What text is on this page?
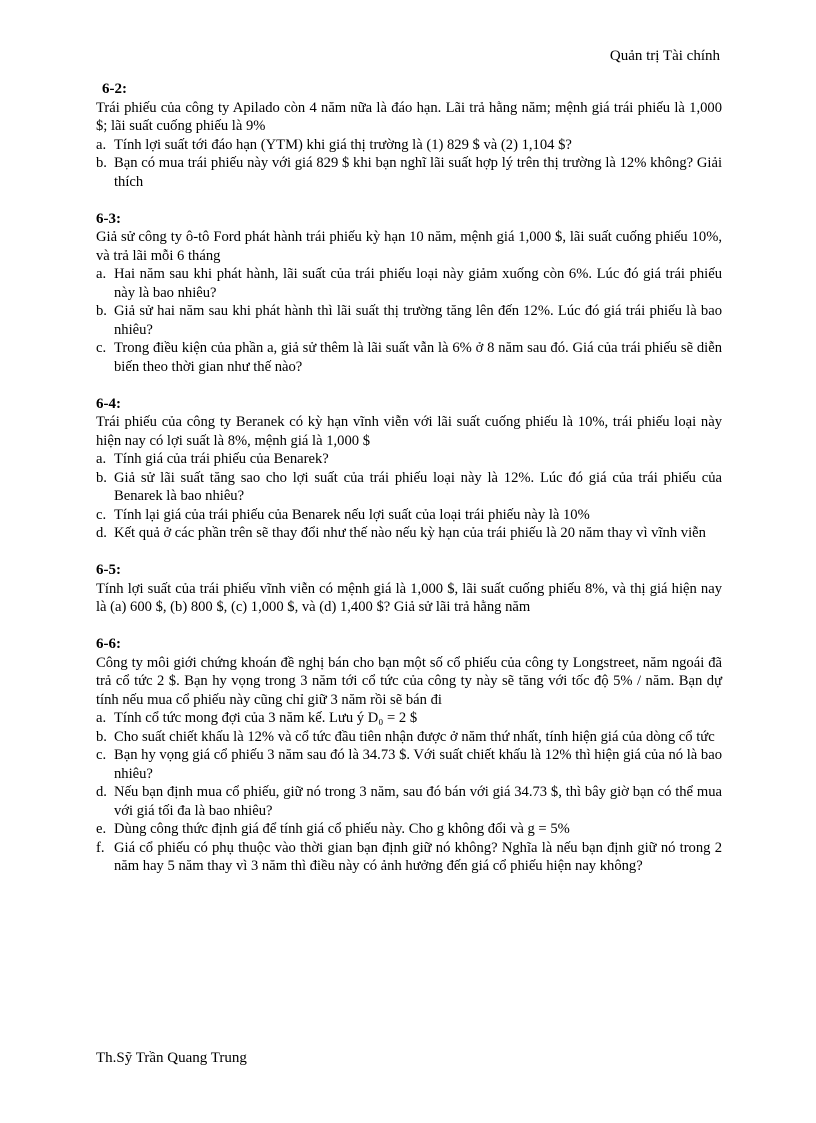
Quản trị Tài chính
6-2:
Trái phiếu của công ty Apilado còn 4 năm nữa là đáo hạn. Lãi trả hằng năm; mệnh giá trái phiếu là 1,000 $; lãi suất cuống phiếu là 9%
a. Tính lợi suất tới đáo hạn (YTM) khi giá thị trường là (1) 829 $ và (2) 1,104 $?
b. Bạn có mua trái phiếu này với giá 829 $ khi bạn nghĩ lãi suất hợp lý trên thị trường là 12% không? Giải thích
6-3:
Giả sử công ty ô-tô Ford phát hành trái phiếu kỳ hạn 10 năm, mệnh giá 1,000 $, lãi suất cuống phiếu 10%, và trả lãi mỗi 6 tháng
a. Hai năm sau khi phát hành, lãi suất của trái phiếu loại này giảm xuống còn 6%. Lúc đó giá trái phiếu này là bao nhiêu?
b. Giả sử hai năm sau khi phát hành thì lãi suất thị trường tăng lên đến 12%. Lúc đó giá trái phiếu là bao nhiêu?
c. Trong điều kiện của phần a, giả sử thêm là lãi suất vẫn là 6% ở 8 năm sau đó. Giá của trái phiếu sẽ diễn biến theo thời gian như thế nào?
6-4:
Trái phiếu của công ty Beranek có kỳ hạn vĩnh viễn với lãi suất cuống phiếu là 10%, trái phiếu loại này hiện nay có lợi suất là 8%, mệnh giá là 1,000 $
a. Tính giá của trái phiếu của Benarek?
b. Giả sử lãi suất tăng sao cho lợi suất của trái phiếu loại này là 12%. Lúc đó giá của trái phiếu của Benarek là bao nhiêu?
c. Tính lại giá của trái phiếu của Benarek nếu lợi suất của loại trái phiếu này là 10%
d. Kết quả ở các phần trên sẽ thay đổi như thế nào nếu kỳ hạn của trái phiếu là 20 năm thay vì vĩnh viễn
6-5:
Tính lợi suất của trái phiếu vĩnh viễn có mệnh giá là 1,000 $, lãi suất cuống phiếu 8%, và thị giá hiện nay là (a) 600 $, (b) 800 $, (c) 1,000 $, và (d) 1,400 $? Giả sử lãi trả hằng năm
6-6:
Công ty môi giới chứng khoán đề nghị bán cho bạn một số cổ phiếu của công ty Longstreet, năm ngoái đã trả cổ tức 2 $. Bạn hy vọng trong 3 năm tới cổ tức của công ty này sẽ tăng với tốc độ 5% / năm. Bạn dự tính nếu mua cổ phiếu này cũng chỉ giữ 3 năm rồi sẽ bán đi
a. Tính cổ tức mong đợi của 3 năm kế. Lưu ý D₀ = 2 $
b. Cho suất chiết khấu là 12% và cổ tức đầu tiên nhận được ở năm thứ nhất, tính hiện giá của dòng cổ tức
c. Bạn hy vọng giá cổ phiếu 3 năm sau đó là 34.73 $. Với suất chiết khấu là 12% thì hiện giá của nó là bao nhiêu?
d. Nếu bạn định mua cổ phiếu, giữ nó trong 3 năm, sau đó bán với giá 34.73 $, thì bây giờ bạn có thể mua với giá tối đa là bao nhiêu?
e. Dùng công thức định giá để tính giá cổ phiếu này. Cho g không đổi và g = 5%
f. Giá cổ phiếu có phụ thuộc vào thời gian bạn định giữ nó không? Nghĩa là nếu bạn định giữ nó trong 2 năm hay 5 năm thay vì 3 năm thì điều này có ảnh hưởng đến giá cổ phiếu hiện nay không?
Th.Sỹ Trần Quang Trung
